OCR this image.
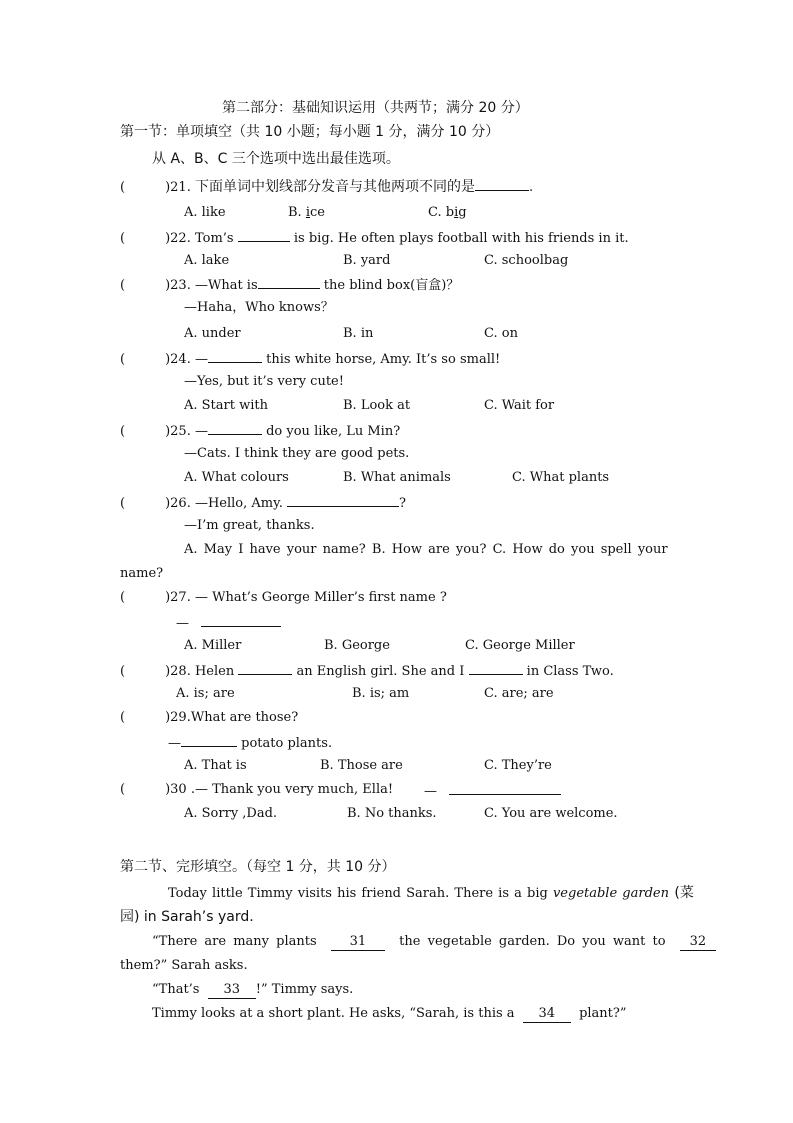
第二部分：基础知识运用（共两节；满分 20 分）
第一节：单项填空（共 10 小题；每小题 1 分，满分 10 分）
从 A、B、C 三个选项中选出最佳选项。
(	)21. 下面单词中划线部分发音与其他两项不同的是	.
A. like	B. ice	C. big
(	)22. Tom’s	is big. He often plays football with his friends in it.
A. lake	B. yard	C. schoolbag
(	)23. —What is	the blind box(盲盒)？
—Haha，Who knows？
A. under	B. in	C. on
(	)24. —	this white horse, Amy. It’s so small!
—Yes, but it’s very cute!
A. Start with	B. Look at	C. Wait for
(	)25. —	do you like, Lu Min?
—Cats. I think they are good pets.
A. What colours	B. What animals	C. What plants
(	)26. —Hello, Amy.	?
—I’m great, thanks.
A. May I have your name? B. How are you? C. How do you spell your
name?
(	)27. — What’s George Miller’s first name ?
—
A. Miller	B. George	C. George Miller
(	)28. Helen	an English girl. She and I	in Class Two.
A. is; are	B. is; am	C. are; are
(	)29.What are those?
—	potato plants.
A. That is	B. Those are	C. They’re
(	)30 .— Thank you very much, Ella! —
A. Sorry ,Dad.	B. No thanks.	C. You are welcome.
第二节、完形填空。（每空 1 分，共 10 分）
Today little Timmy visits his friend Sarah. There is a big vegetable garden (菜
园) in Sarah’s yard.
“There are many plants	31	the vegetable garden. Do you want to 32
them?” Sarah asks.
“That’s 33 !” Timmy says.
Timmy looks at a short plant. He asks, “Sarah, is this a 34 plant?”
